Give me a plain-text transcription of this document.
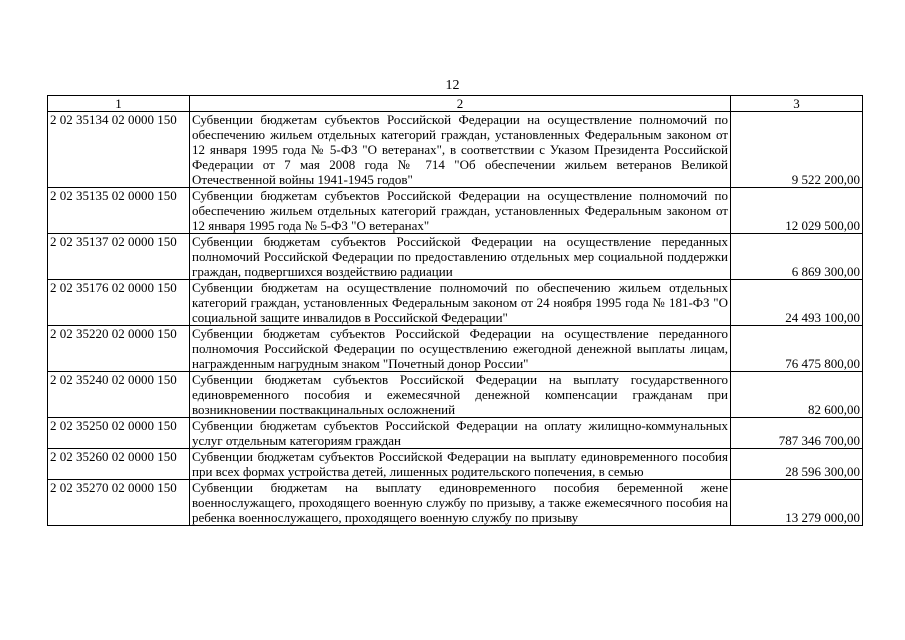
12
1	2	3
2 02 35134 02 0000 150	Субвенции бюджетам субъектов Российской Федерации на осуществление полномочий по обеспечению жильем отдельных категорий граждан, установленных Федеральным законом от 12 января 1995 года № 5-ФЗ "О ветеранах", в соответствии с Указом Президента Российской Федерации от 7 мая 2008 года № 714 "Об обеспечении жильем ветеранов Великой Отечественной войны 1941-1945 годов"	9 522 200,00
2 02 35135 02 0000 150	Субвенции бюджетам субъектов Российской Федерации на осуществление полномочий по обеспечению жильем отдельных категорий граждан, установленных Федеральным законом от 12 января 1995 года № 5-ФЗ "О ветеранах"	12 029 500,00
2 02 35137 02 0000 150	Субвенции бюджетам субъектов Российской Федерации на осуществление переданных полномочий Российской Федерации по предоставлению отдельных мер социальной поддержки граждан, подвергшихся воздействию радиации	6 869 300,00
2 02 35176 02 0000 150	Субвенции бюджетам на осуществление полномочий по обеспечению жильем отдельных категорий граждан, установленных Федеральным законом от 24 ноября 1995 года № 181-ФЗ "О социальной защите инвалидов в Российской Федерации"	24 493 100,00
2 02 35220 02 0000 150	Субвенции бюджетам субъектов Российской Федерации на осуществление переданного полномочия Российской Федерации по осуществлению ежегодной денежной выплаты лицам, награжденным нагрудным знаком "Почетный донор России"	76 475 800,00
2 02 35240 02 0000 150	Субвенции бюджетам субъектов Российской Федерации на выплату государственного единовременного пособия и ежемесячной денежной компенсации гражданам при возникновении поствакцинальных осложнений	82 600,00
2 02 35250 02 0000 150	Субвенции бюджетам субъектов Российской Федерации на оплату жилищно-коммунальных услуг отдельным категориям граждан	787 346 700,00
2 02 35260 02 0000 150	Субвенции бюджетам субъектов Российской Федерации на выплату единовременного пособия при всех формах устройства детей, лишенных родительского попечения, в семью	28 596 300,00
2 02 35270 02 0000 150	Субвенции бюджетам на выплату единовременного пособия беременной жене военнослужащего, проходящего военную службу по призыву, а также ежемесячного пособия на ребенка военнослужащего, проходящего военную службу по призыву	13 279 000,00
